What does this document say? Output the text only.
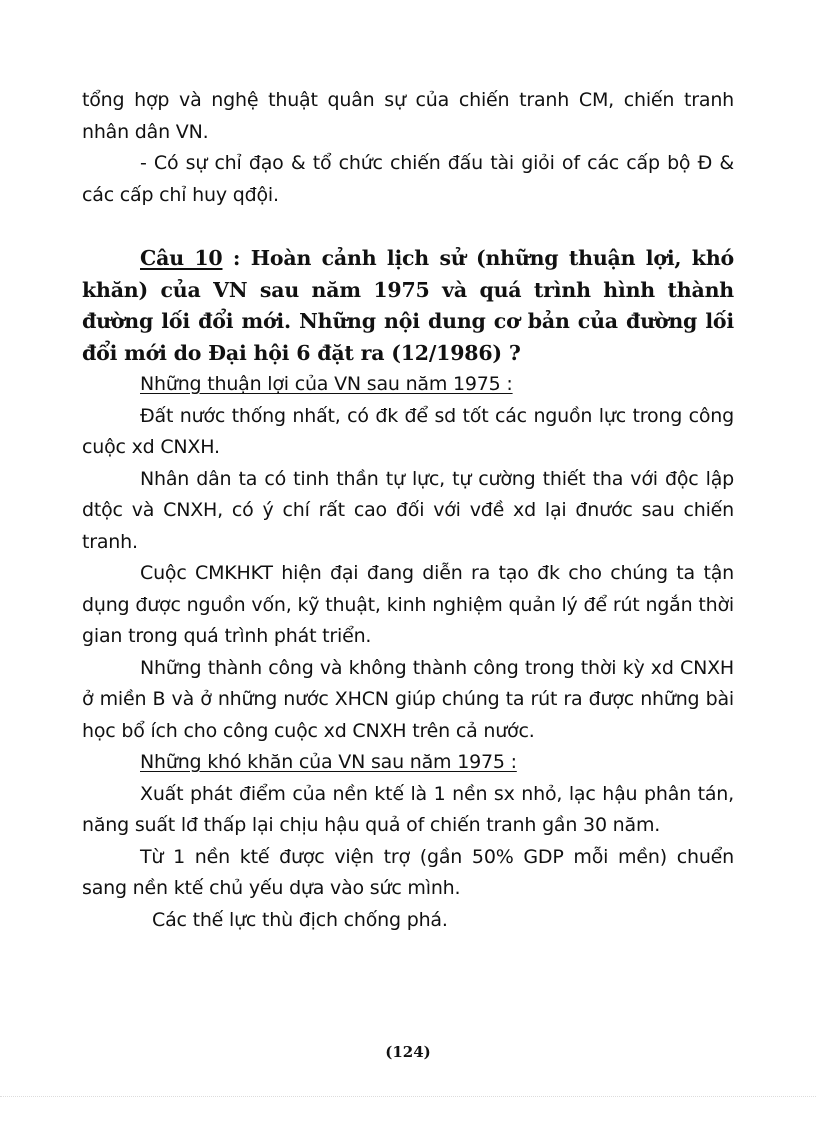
tổng hợp và nghệ thuật quân sự của chiến tranh CM, chiến tranh nhân dân VN.

- Có sự chỉ đạo & tổ chức chiến đấu tài giỏi of các cấp bộ Đ & các cấp chỉ huy qđội.

Câu 10 : Hoàn cảnh lịch sử (những thuận lợi, khó khăn) của VN sau năm 1975 và quá trình hình thành đường lối đổi mới. Những nội dung cơ bản của đường lối đổi mới do Đại hội 6 đặt ra (12/1986) ?

Những thuận lợi của VN sau năm 1975 :

Đất nước thống nhất, có đk để sd tốt các nguồn lực trong công cuộc xd CNXH.

Nhân dân ta có tinh thần tự lực, tự cường thiết tha với độc lập dtộc và CNXH, có ý chí rất cao đối với vđề xd lại đnước sau chiến tranh.

Cuộc CMKHKT hiện đại đang diễn ra tạo đk cho chúng ta tận dụng được nguồn vốn, kỹ thuật, kinh nghiệm quản lý để rút ngắn thời gian trong quá trình phát triển.

Những thành công và không thành công trong thời kỳ xd CNXH ở miền B và ở những nước XHCN giúp chúng ta rút ra được những bài học bổ ích cho công cuộc xd CNXH trên cả nước.

Những khó khăn của VN sau năm 1975 :

Xuất phát điểm của nền ktế là 1 nền sx nhỏ, lạc hậu phân tán, năng suất lđ thấp lại chịu hậu quả of chiến tranh gần 30 năm.

Từ 1 nền ktế được viện trợ (gần 50% GDP mỗi mền) chuển sang nền ktế chủ yếu dựa vào sức mình.

Các thế lực thù địch chống phá.

(124)
